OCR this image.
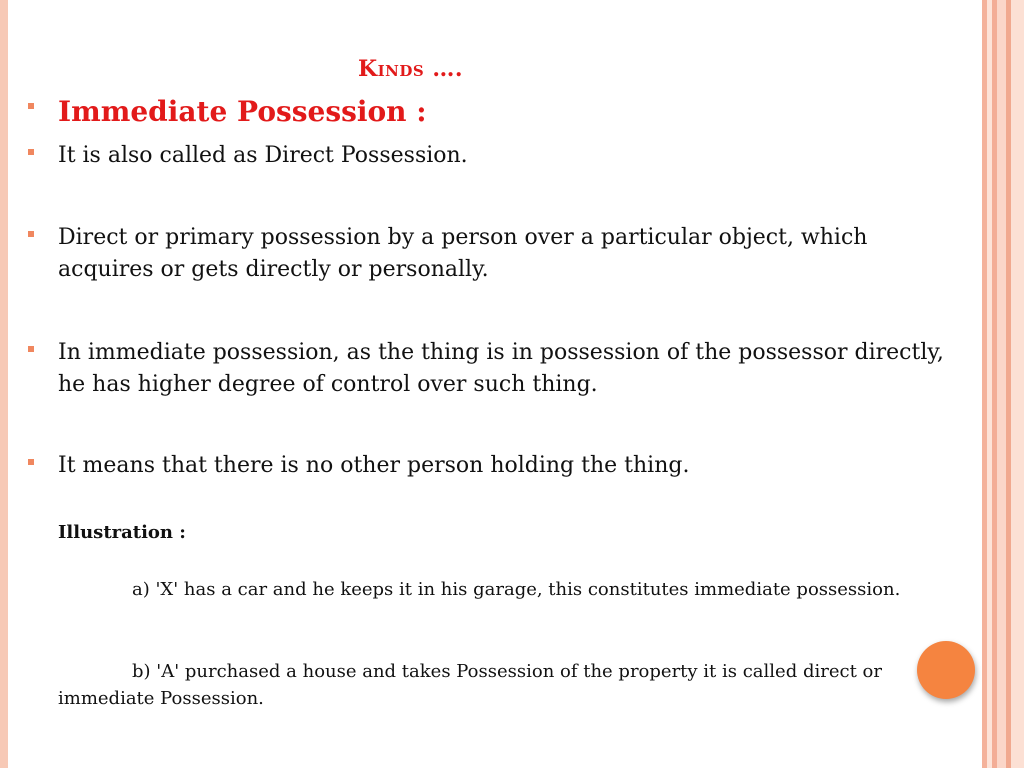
Kinds ….
Immediate Possession :
It is also called as Direct Possession.
Direct or primary possession by a person over a particular object, which acquires or gets directly or personally.
In immediate possession, as the thing is in possession of the possessor directly, he has higher degree of control over such thing.
It means that there is no other person holding the thing.
Illustration :
a) 'X' has a car and he keeps it in his garage, this constitutes immediate possession.
b) 'A' purchased a house and takes Possession of the property it is called direct or immediate Possession.
